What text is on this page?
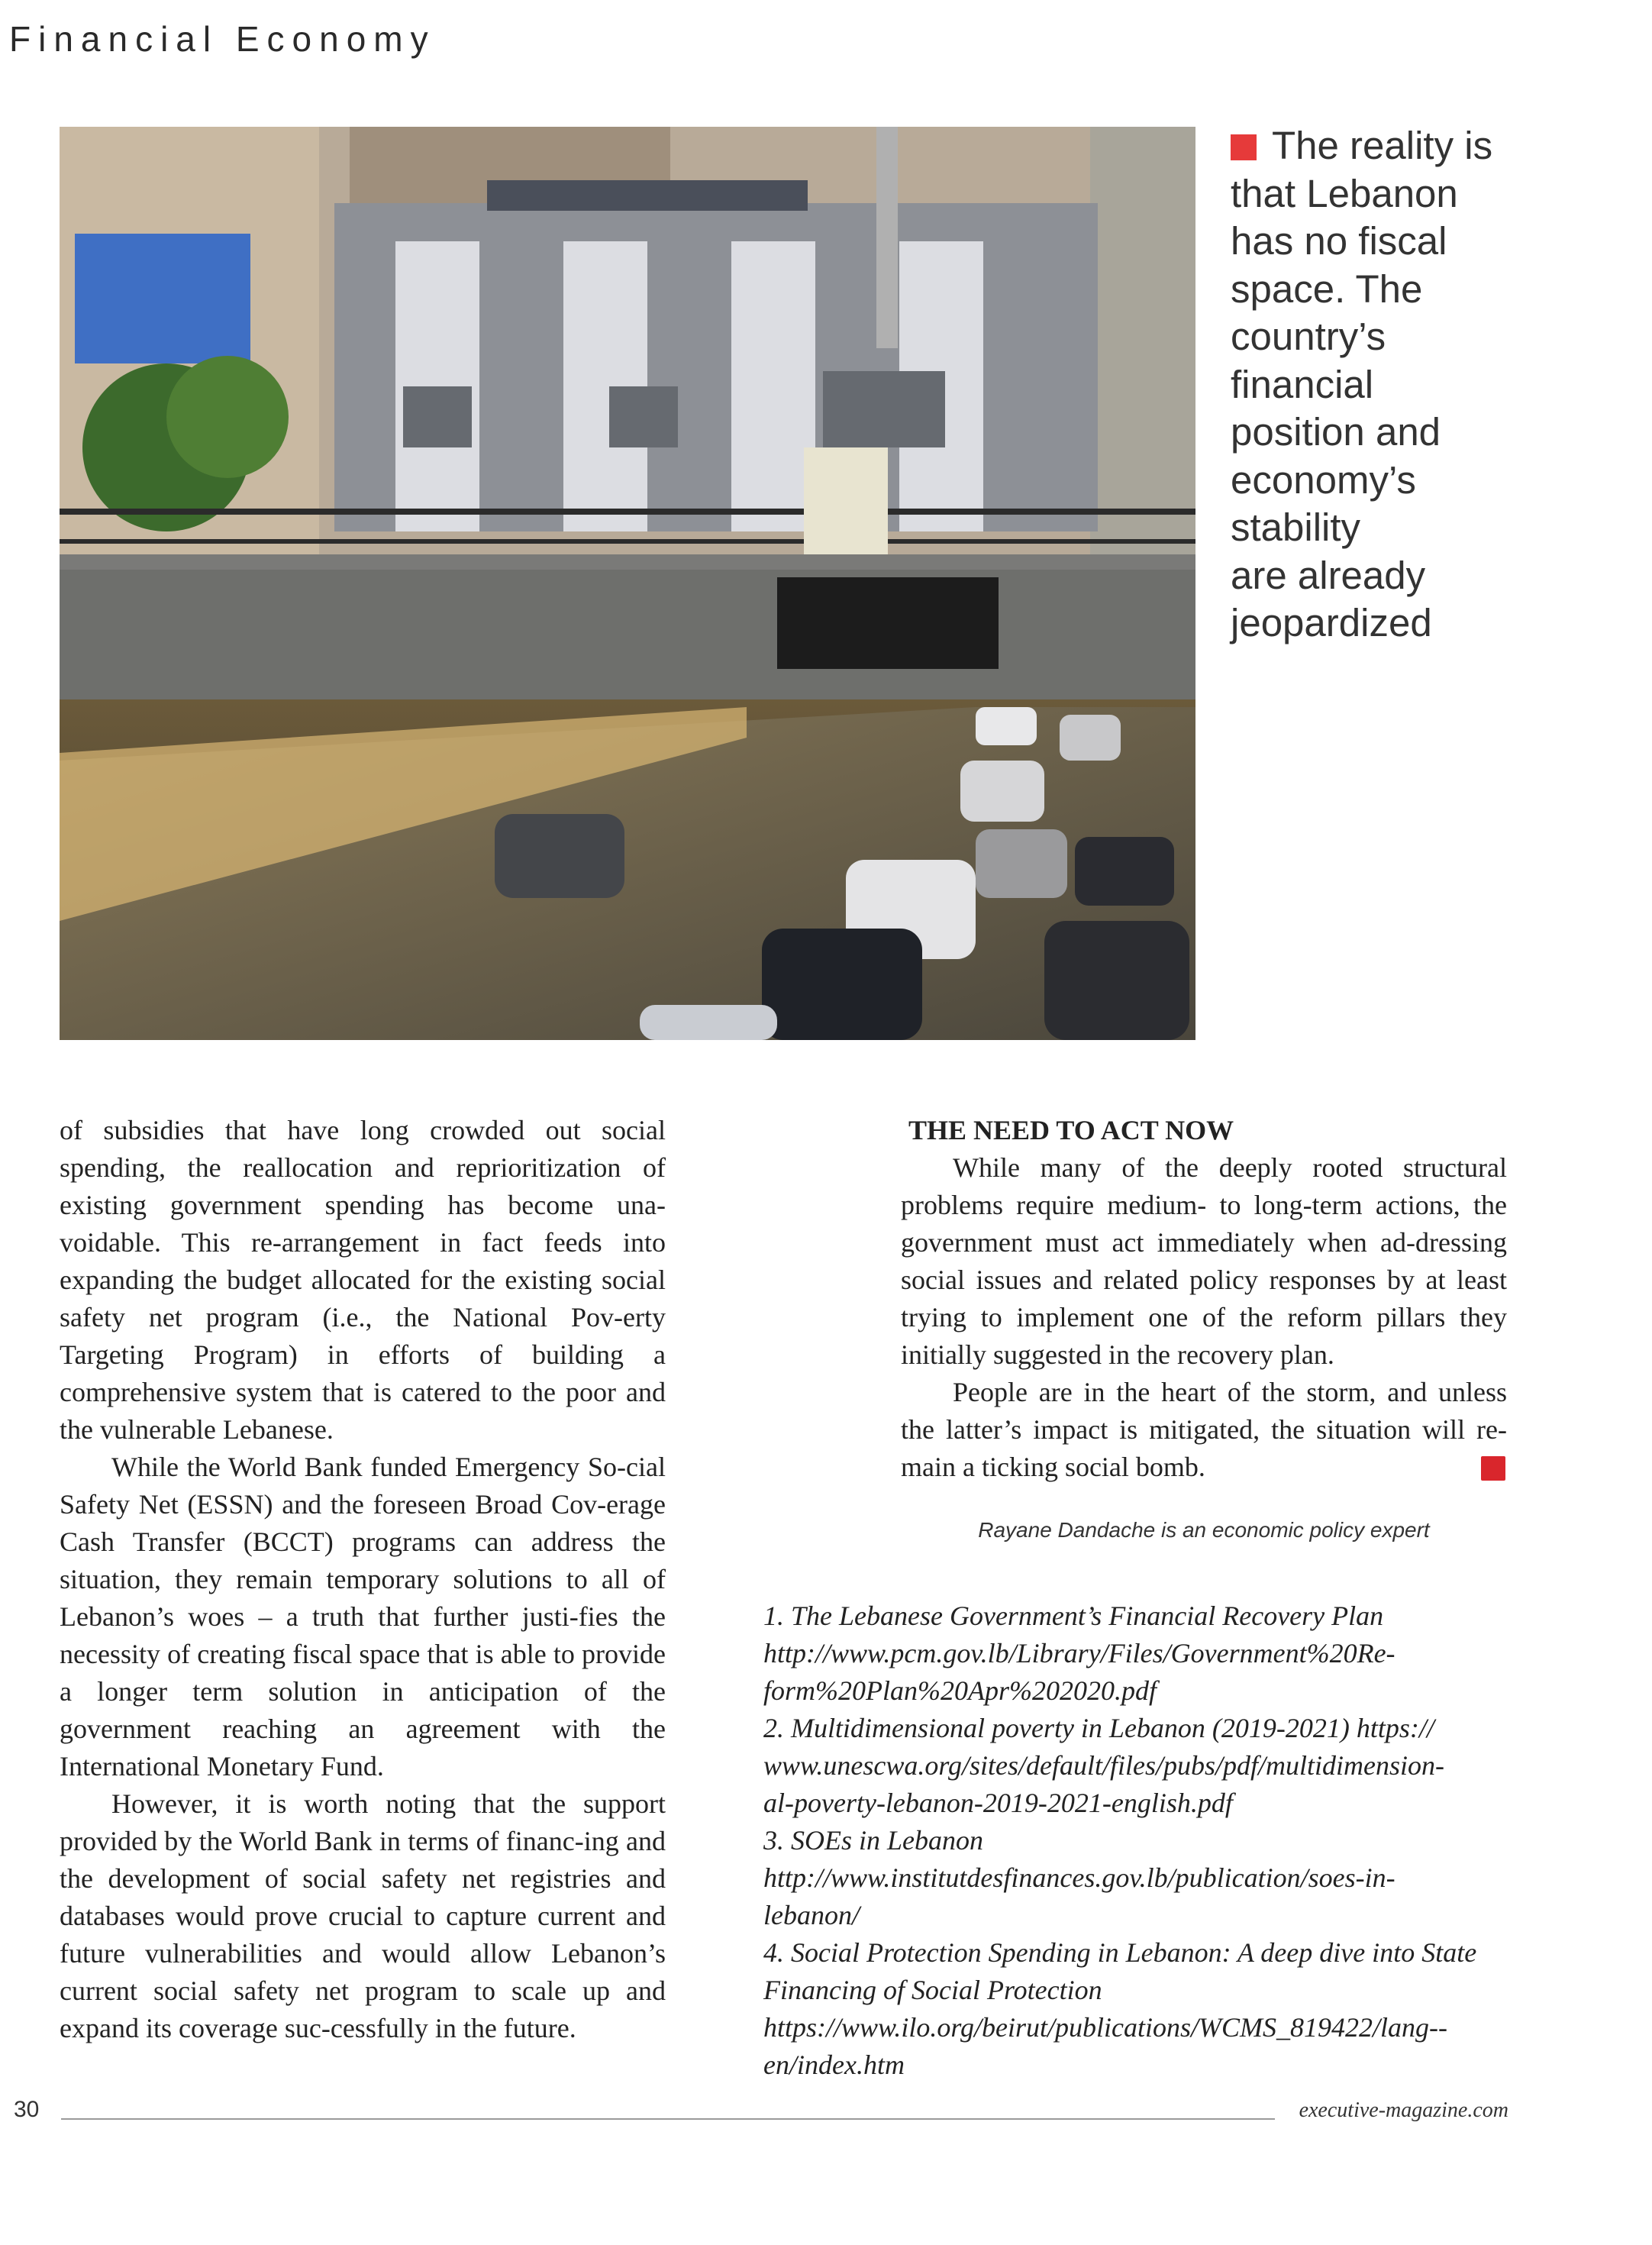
Financial Economy
The reality is
that Lebanon
has no fiscal
space. The
country’s
financial
position and
economy’s
stability
are already
jeopardized

of subsidies that have long crowded out social spending, the reallocation and reprioritization of existing government spending has become una-voidable. This re-arrangement in fact feeds into expanding the budget allocated for the existing social safety net program (i.e., the National Pov-erty Targeting Program) in efforts of building a comprehensive system that is catered to the poor and the vulnerable Lebanese.

While the World Bank funded Emergency So-cial Safety Net (ESSN) and the foreseen Broad Cov-erage Cash Transfer (BCCT) programs can address the situation, they remain temporary solutions to all of Lebanon’s woes – a truth that further justi-fies the necessity of creating fiscal space that is able to provide a longer term solution in anticipation of the government reaching an agreement with the International Monetary Fund.

However, it is worth noting that the support provided by the World Bank in terms of financ-ing and the development of social safety net registries and databases would prove crucial to capture current and future vulnerabilities and would allow Lebanon’s current social safety net program to scale up and expand its coverage suc-cessfully in the future.

THE NEED TO ACT NOW

While many of the deeply rooted structural problems require medium- to long-term actions, the government must act immediately when ad-dressing social issues and related policy responses by at least trying to implement one of the reform pillars they initially suggested in the recovery plan.

People are in the heart of the storm, and unless the latter’s impact is mitigated, the situation will re-main a ticking social bomb.	E

Rayane Dandache is an economic policy expert

1. The Lebanese Government’s Financial Recovery Plan

http://www.pcm.gov.lb/Library/Files/Government%20Re-

form%20Plan%20Apr%202020.pdf

2. Multidimensional poverty in Lebanon (2019-2021) https://

www.unescwa.org/sites/default/files/pubs/pdf/multidimension-

al-poverty-lebanon-2019-2021-english.pdf

3. SOEs in Lebanon

http://www.institutdesfinances.gov.lb/publication/soes-in-

lebanon/

4. Social Protection Spending in Lebanon: A deep dive into State

Financing of Social Protection

https://www.ilo.org/beirut/publications/WCMS_819422/lang--

en/index.htm

30	executive-magazine.com
